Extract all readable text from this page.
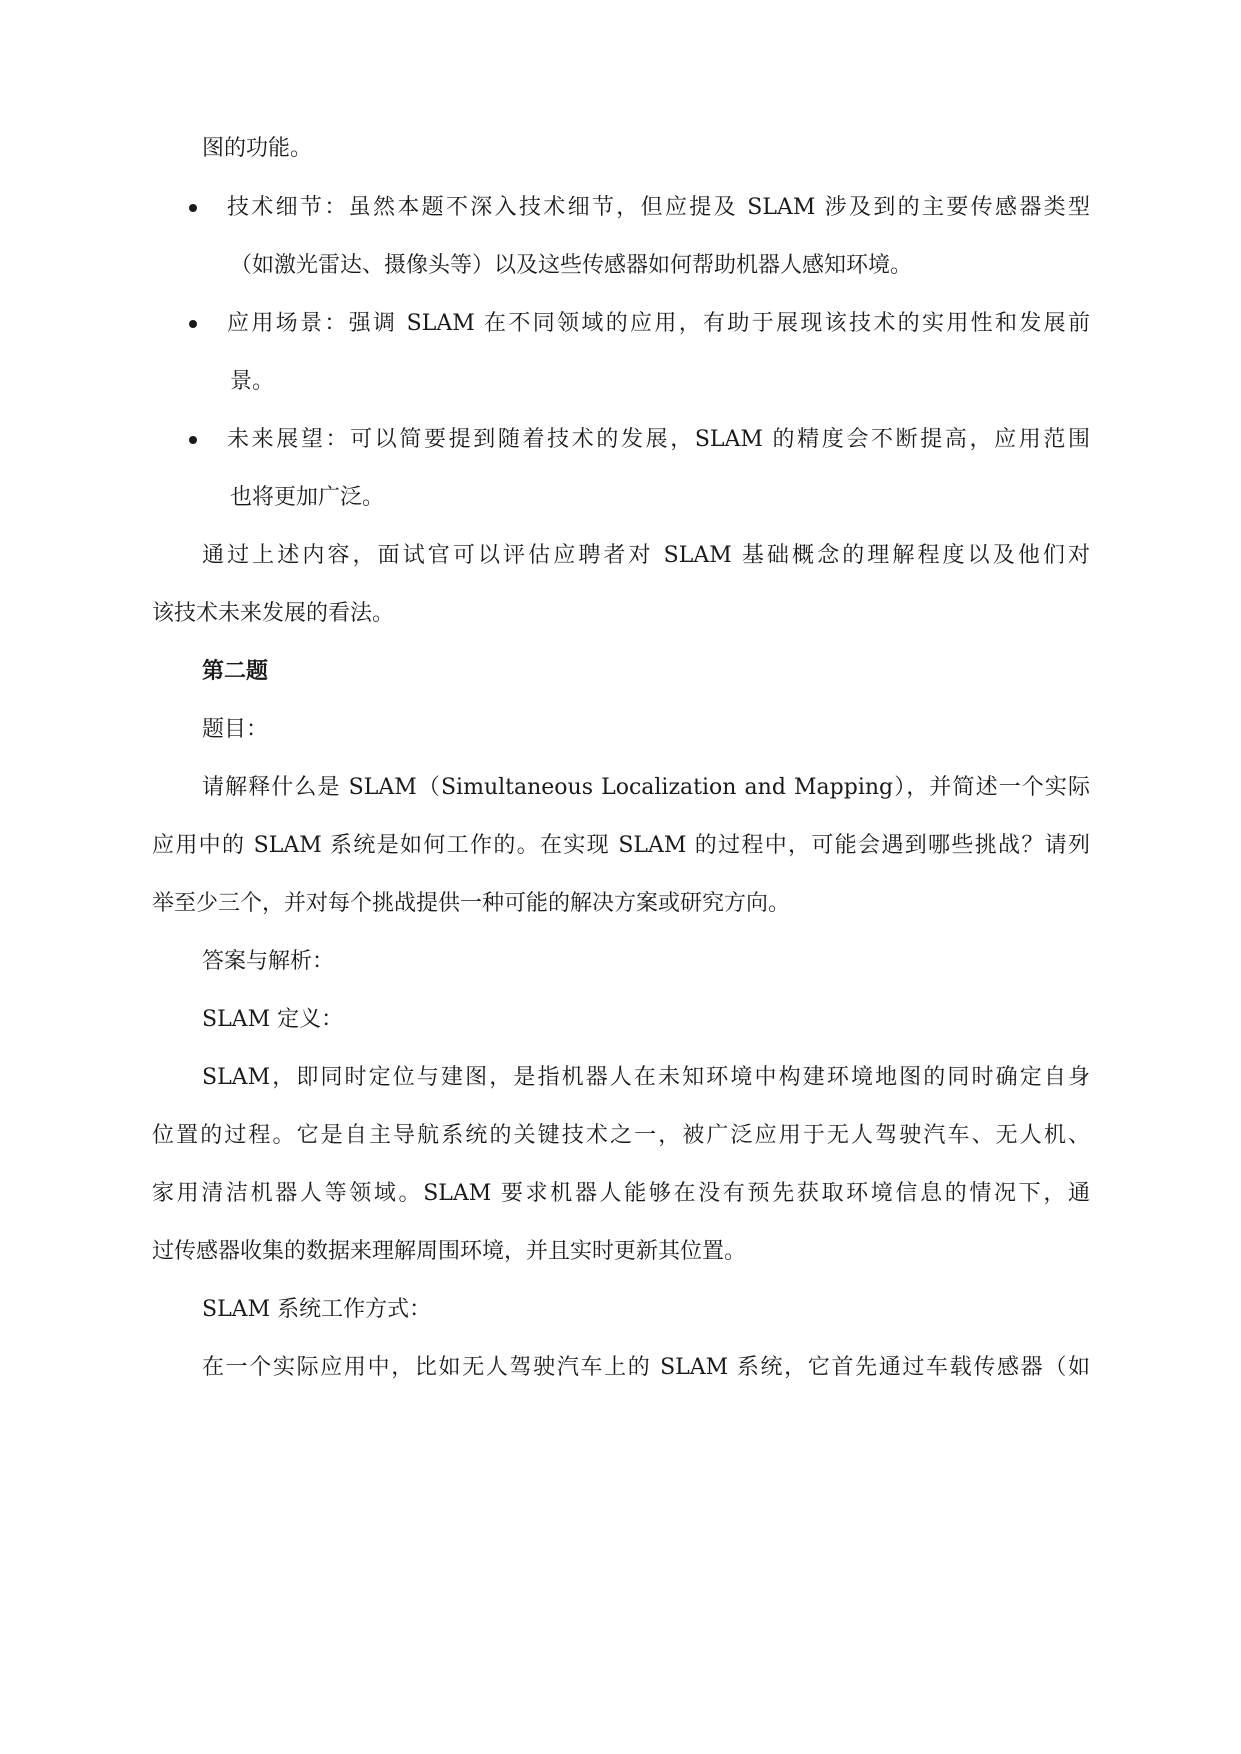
图的功能。

技术细节：虽然本题不深入技术细节，但应提及 SLAM 涉及到的主要传感器类型

（如激光雷达、摄像头等）以及这些传感器如何帮助机器人感知环境。

应用场景：强调 SLAM 在不同领域的应用，有助于展现该技术的实用性和发展前

景。

未来展望：可以简要提到随着技术的发展，SLAM 的精度会不断提高，应用范围

也将更加广泛。

通过上述内容，面试官可以评估应聘者对 SLAM 基础概念的理解程度以及他们对

该技术未来发展的看法。

第二题

题目：

请解释什么是 SLAM（Simultaneous Localization and Mapping），并简述一个实际

应用中的 SLAM 系统是如何工作的。在实现 SLAM 的过程中，可能会遇到哪些挑战？请列

举至少三个，并对每个挑战提供一种可能的解决方案或研究方向。

答案与解析：

SLAM 定义：

SLAM，即同时定位与建图，是指机器人在未知环境中构建环境地图的同时确定自身

位置的过程。它是自主导航系统的关键技术之一，被广泛应用于无人驾驶汽车、无人机、

家用清洁机器人等领域。SLAM 要求机器人能够在没有预先获取环境信息的情况下，通

过传感器收集的数据来理解周围环境，并且实时更新其位置。

SLAM 系统工作方式：

在一个实际应用中，比如无人驾驶汽车上的 SLAM 系统，它首先通过车载传感器（如
